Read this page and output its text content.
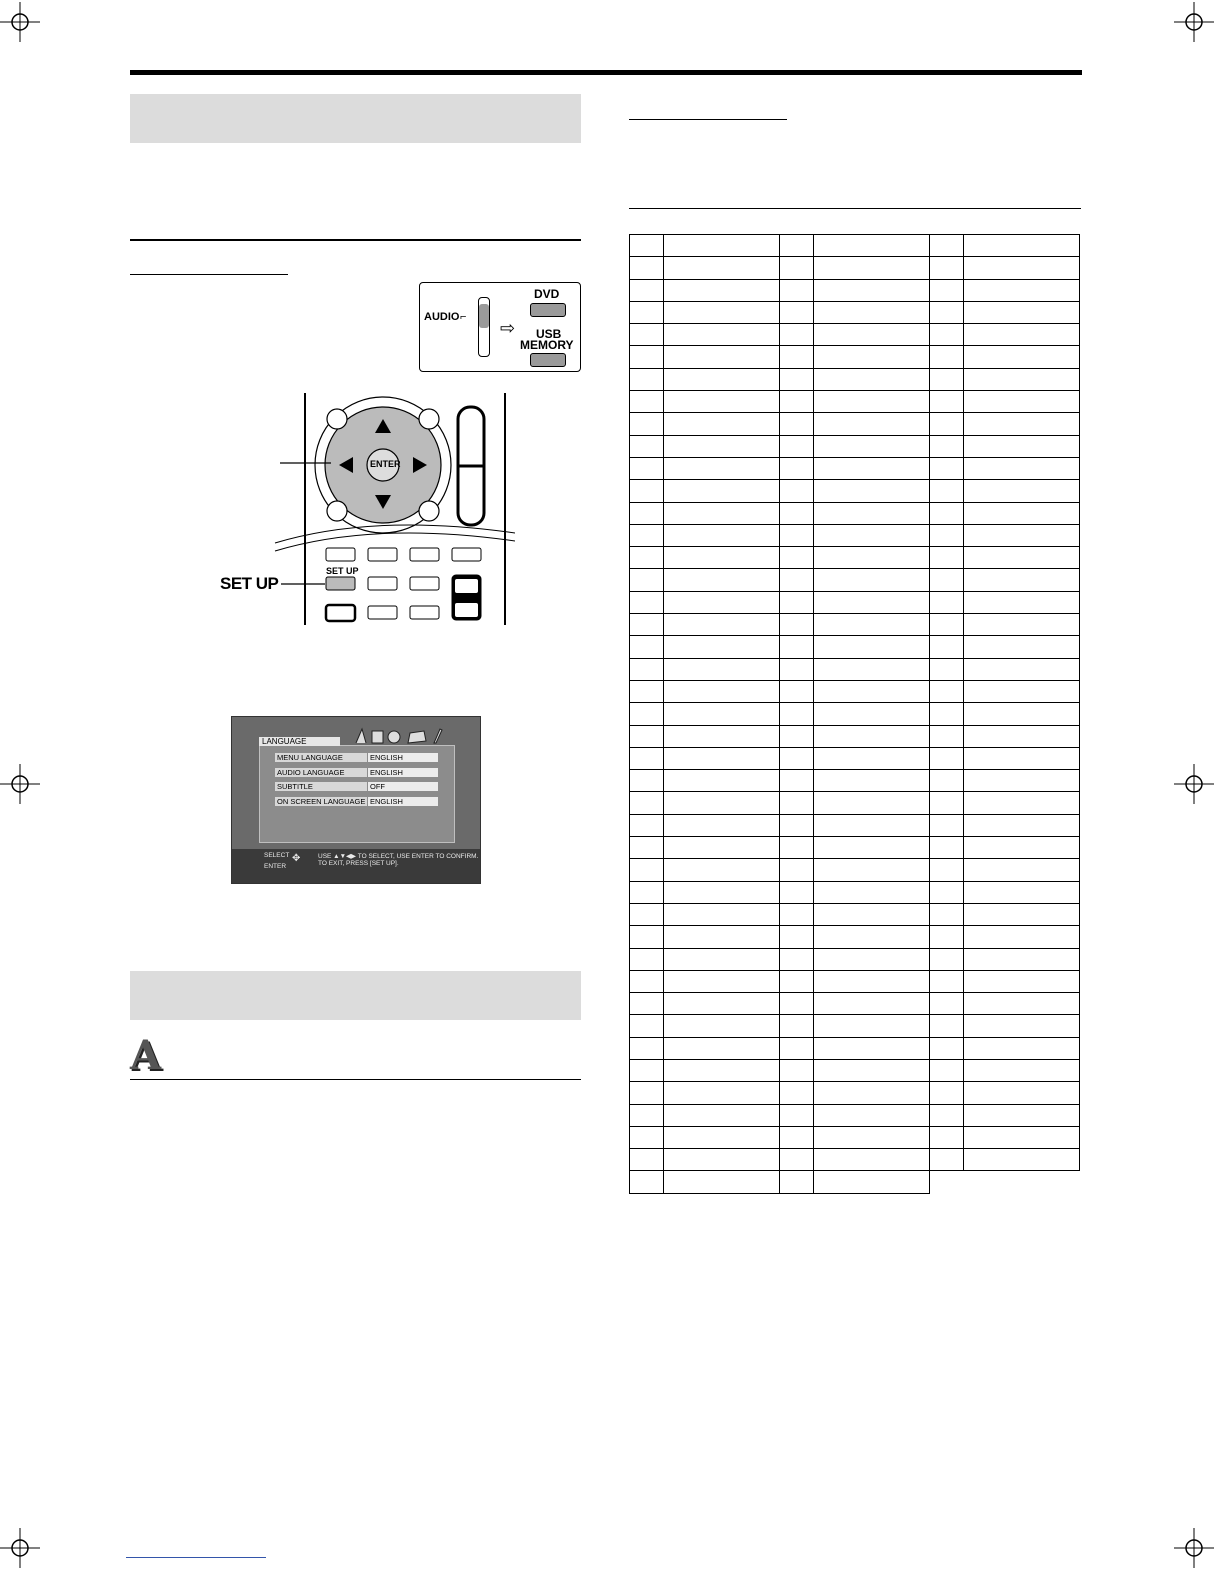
AUDIO ⌐
⇨
DVD
USB
MEMORY
ENTER
SET UP
SET UP
LANGUAGE
MENU LANGUAGE	ENGLISH
AUDIO LANGUAGE	ENGLISH
SUBTITLE	OFF
ON SCREEN LANGUAGE ENGLISH
SELECT
ENTER
✥	USE ▲▼◀▶ TO SELECT, USE ENTER TO CONFIRM.
TO EXIT, PRESS [SET UP].
A
